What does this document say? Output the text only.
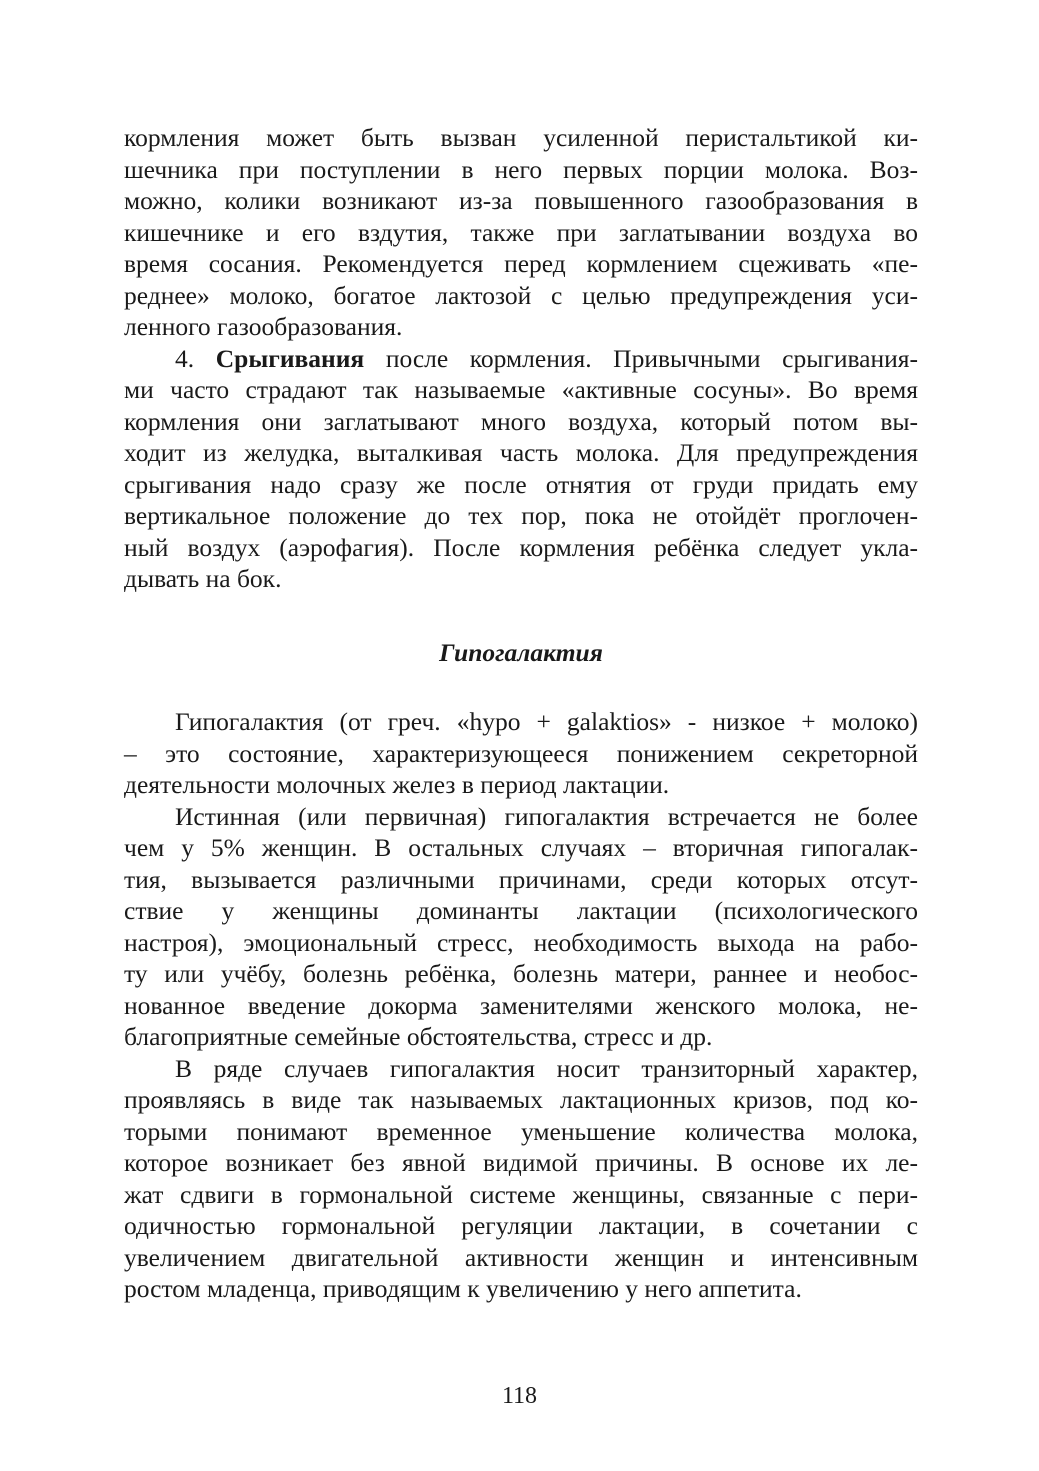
кормления может быть вызван усиленной перистальтикой ки-
шечника при поступлении в него первых порции молока. Воз-
можно, колики возникают из-за повышенного газообразования в
кишечнике и его вздутия, также при заглатывании воздуха во
время сосания. Рекомендуется перед кормлением сцеживать «пе-
реднее» молоко, богатое лактозой с целью предупреждения уси-
ленного газообразования.
4. Срыгивания после кормления. Привычными срыгивания-
ми часто страдают так называемые «активные сосуны». Во время
кормления они заглатывают много воздуха, который потом вы-
ходит из желудка, выталкивая часть молока. Для предупреждения
срыгивания надо сразу же после отнятия от груди придать ему
вертикальное положение до тех пор, пока не отойдёт проглочен-
ный воздух (аэрофагия). После кормления ребёнка следует укла-
дывать на бок.
Гипогалактия
Гипогалактия (от греч. «hypo + galaktios» - низкое + молоко)
– это состояние, характеризующееся понижением секреторной
деятельности молочных желез в период лактации.
Истинная (или первичная) гипогалактия встречается не более
чем у 5% женщин. В остальных случаях – вторичная гипогалак-
тия, вызывается различными причинами, среди которых отсут-
ствие у женщины доминанты лактации (психологического
настроя), эмоциональный стресс, необходимость выхода на рабо-
ту или учёбу, болезнь ребёнка, болезнь матери, раннее и необос-
нованное введение докорма заменителями женского молока, не-
благоприятные семейные обстоятельства, стресс и др.
В ряде случаев гипогалактия носит транзиторный характер,
проявляясь в виде так называемых лактационных кризов, под ко-
торыми понимают временное уменьшение количества молока,
которое возникает без явной видимой причины. В основе их ле-
жат сдвиги в гормональной системе женщины, связанные с пери-
одичностью гормональной регуляции лактации, в сочетании с
увеличением двигательной активности женщин и интенсивным
ростом младенца, приводящим к увеличению у него аппетита.
118
